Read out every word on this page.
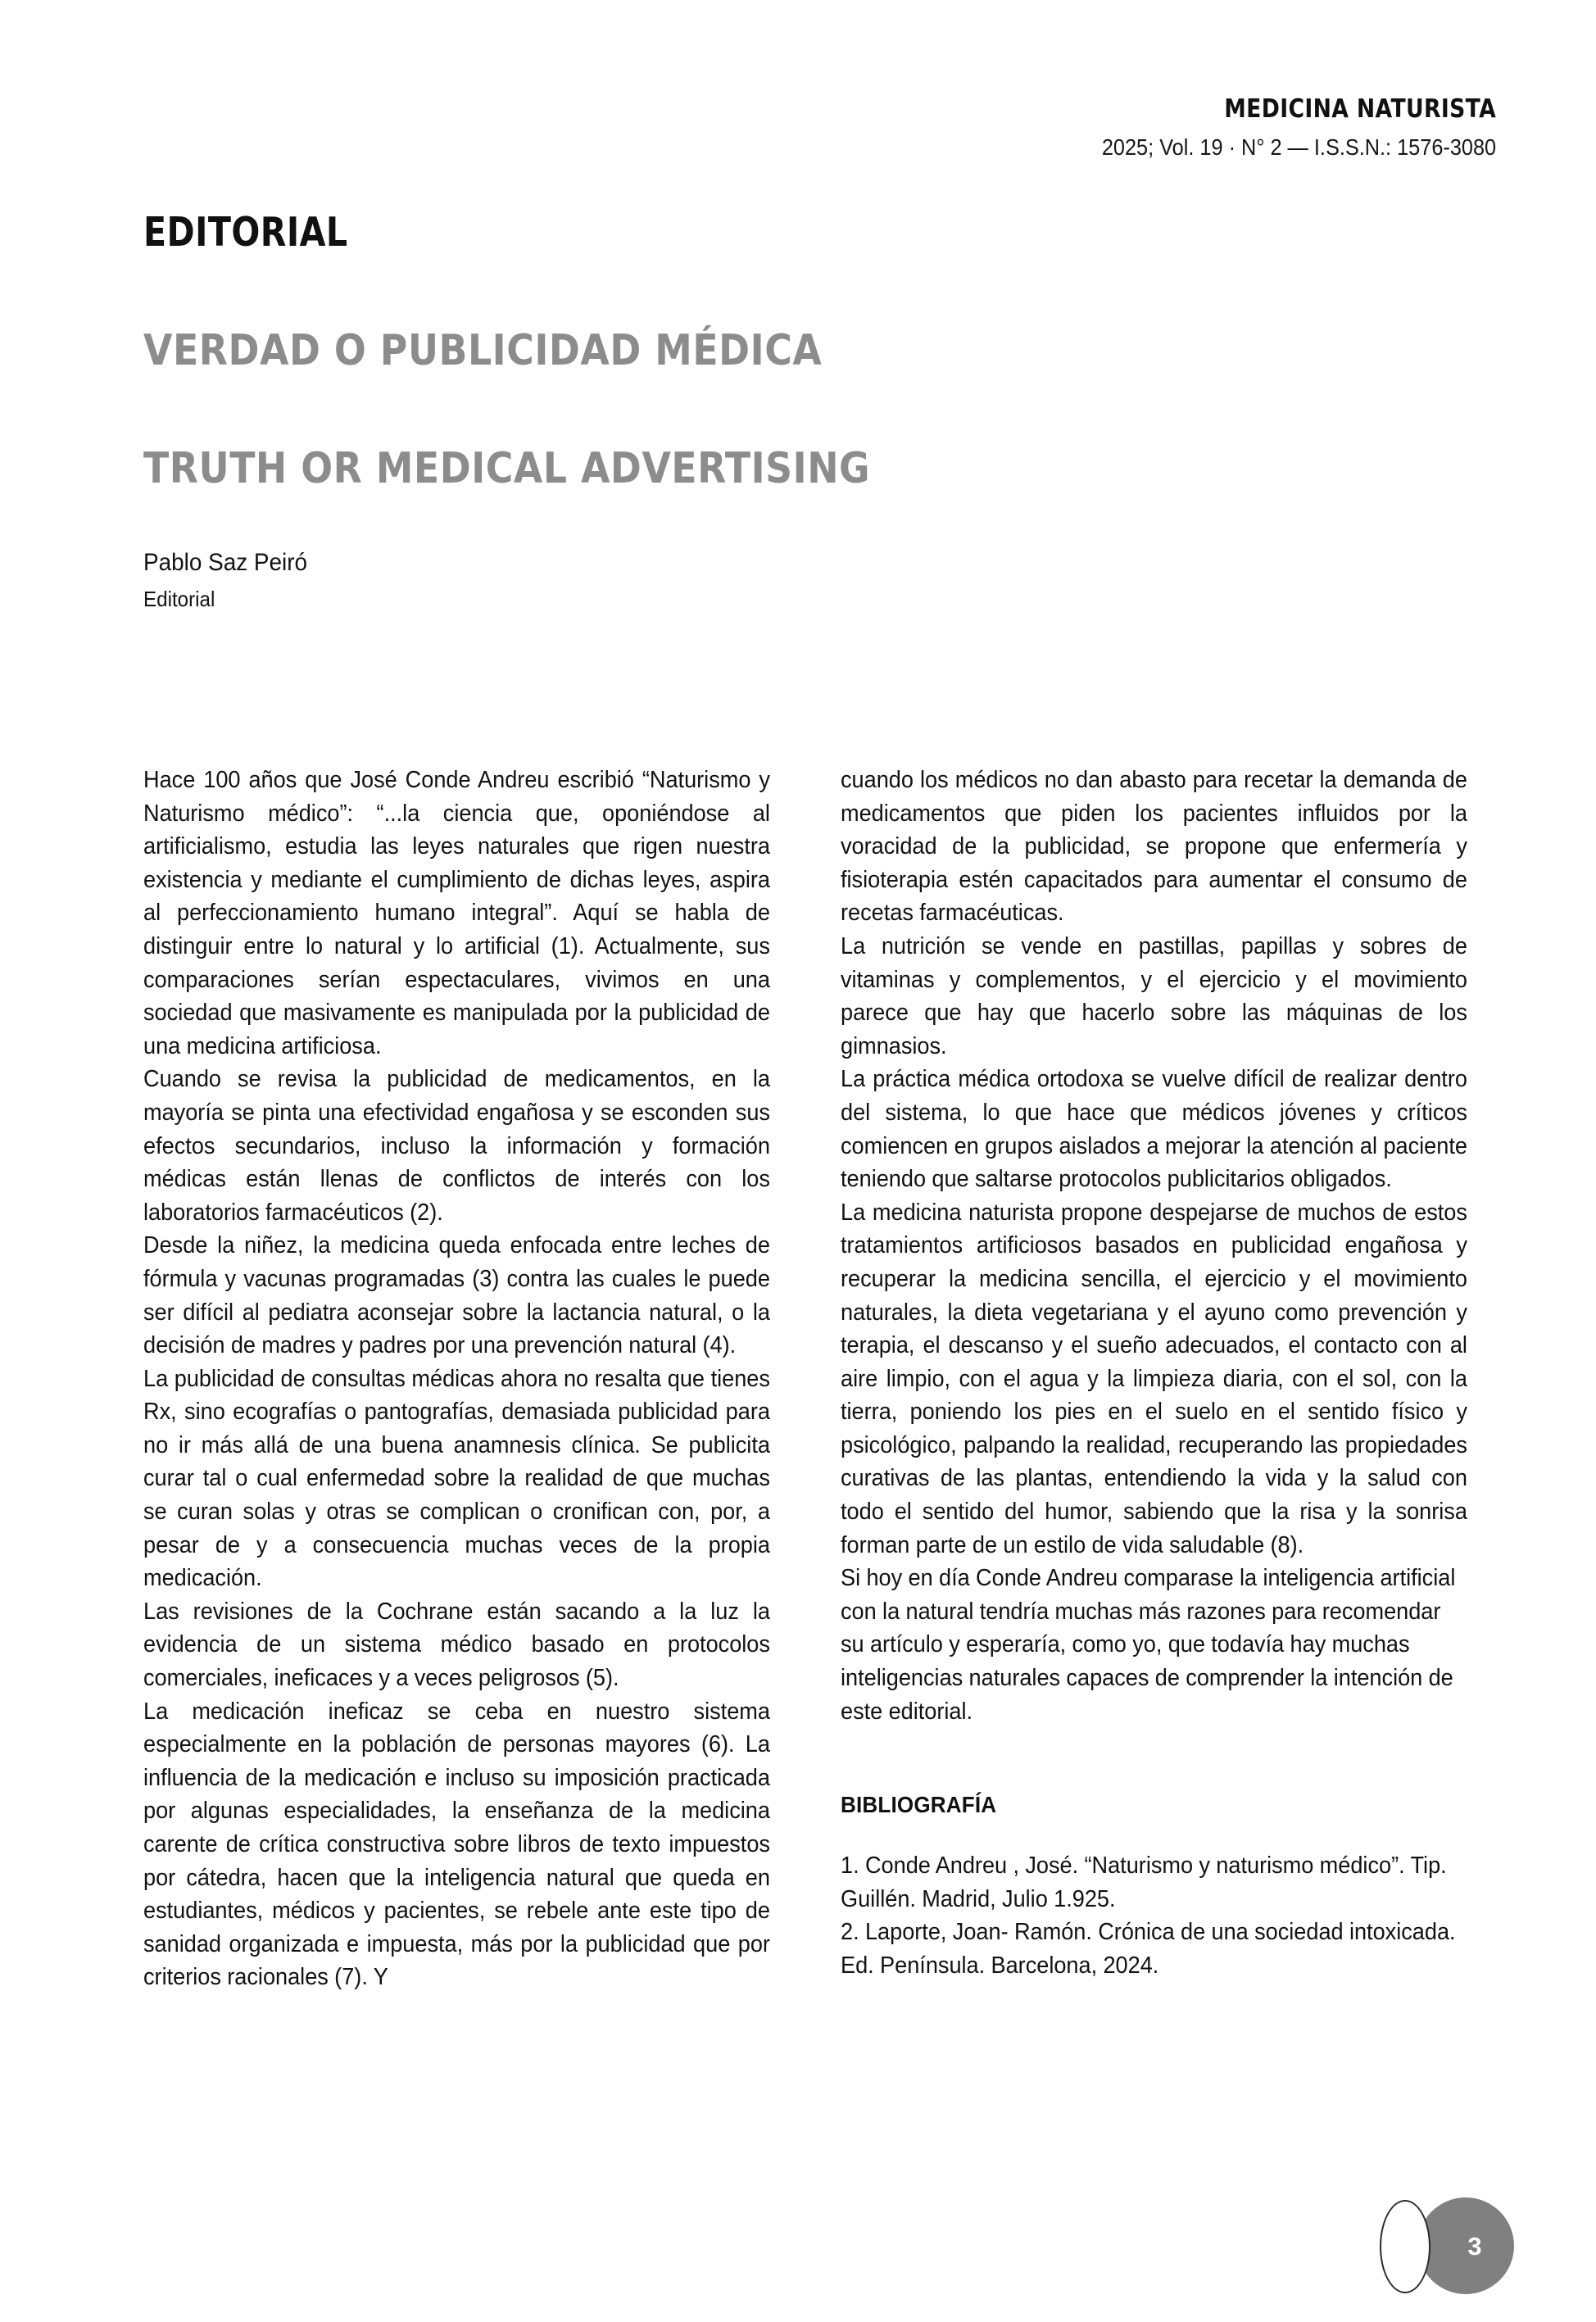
MEDICINA NATURISTA
2025; Vol. 19 · N° 2 — I.S.S.N.: 1576-3080
EDITORIAL
VERDAD O PUBLICIDAD MÉDICA
TRUTH OR MEDICAL ADVERTISING
Pablo Saz Peiró
Editorial

Hace 100 años que José Conde Andreu escribió “Naturismo y Naturismo médico”: “...la ciencia que, oponiéndose al artificialismo, estudia las leyes naturales que rigen nuestra existencia y mediante el cumplimiento de dichas leyes, aspira al perfeccionamiento humano integral”. Aquí se habla de distinguir entre lo natural y lo artificial (1). Actualmente, sus comparaciones serían espectaculares, vivimos en una sociedad que masivamente es manipulada por la publicidad de una medicina artificiosa.

Cuando se revisa la publicidad de medicamentos, en la mayoría se pinta una efectividad engañosa y se esconden sus efectos secundarios, incluso la información y formación médicas están llenas de conflictos de interés con los laboratorios farmacéuticos (2).

Desde la niñez, la medicina queda enfocada entre leches de fórmula y vacunas programadas (3) contra las cuales le puede ser difícil al pediatra aconsejar sobre la lactancia natural, o la decisión de madres y padres por una prevención natural (4).

La publicidad de consultas médicas ahora no resalta que tienes Rx, sino ecografías o pantografías, demasiada publicidad para no ir más allá de una buena anamnesis clínica. Se publicita curar tal o cual enfermedad sobre la realidad de que muchas se curan solas y otras se complican o cronifican con, por, a pesar de y a consecuencia muchas veces de la propia medicación.

Las revisiones de la Cochrane están sacando a la luz la evidencia de un sistema médico basado en protocolos comerciales, ineficaces y a veces peligrosos (5).

La medicación ineficaz se ceba en nuestro sistema especialmente en la población de personas mayores (6). La influencia de la medicación e incluso su imposición practicada por algunas especialidades, la enseñanza de la medicina carente de crítica constructiva sobre libros de texto impuestos por cátedra, hacen que la inteligencia natural que queda en estudiantes, médicos y pacientes, se rebele ante este tipo de sanidad organizada e impuesta, más por la publicidad que por criterios racionales (7). Y

cuando los médicos no dan abasto para recetar la demanda de medicamentos que piden los pacientes influidos por la voracidad de la publicidad, se propone que enfermería y fisioterapia estén capacitados para aumentar el consumo de recetas farmacéuticas.

La nutrición se vende en pastillas, papillas y sobres de vitaminas y complementos, y el ejercicio y el movimiento parece que hay que hacerlo sobre las máquinas de los gimnasios.

La práctica médica ortodoxa se vuelve difícil de realizar dentro del sistema, lo que hace que médicos jóvenes y críticos comiencen en grupos aislados a mejorar la atención al paciente teniendo que saltarse protocolos publicitarios obligados.

La medicina naturista propone despejarse de muchos de estos tratamientos artificiosos basados en publicidad engañosa y recuperar la medicina sencilla, el ejercicio y el movimiento naturales, la dieta vegetariana y el ayuno como prevención y terapia, el descanso y el sueño adecuados, el contacto con al aire limpio, con el agua y la limpieza diaria, con el sol, con la tierra, poniendo los pies en el suelo en el sentido físico y psicológico, palpando la realidad, recuperando las propiedades curativas de las plantas, entendiendo la vida y la salud con todo el sentido del humor, sabiendo que la risa y la sonrisa forman parte de un estilo de vida saludable (8).

Si hoy en día Conde Andreu comparase la inteligencia artificial con la natural tendría muchas más razones para recomendar su artículo y esperaría, como yo, que todavía hay muchas inteligencias naturales capaces de comprender la intención de este editorial.

BIBLIOGRAFÍA

1. Conde Andreu , José. “Naturismo y naturismo médico”. Tip. Guillén. Madrid, Julio 1.925.

2. Laporte, Joan- Ramón. Crónica de una sociedad intoxicada. Ed. Península. Barcelona, 2024.

3
